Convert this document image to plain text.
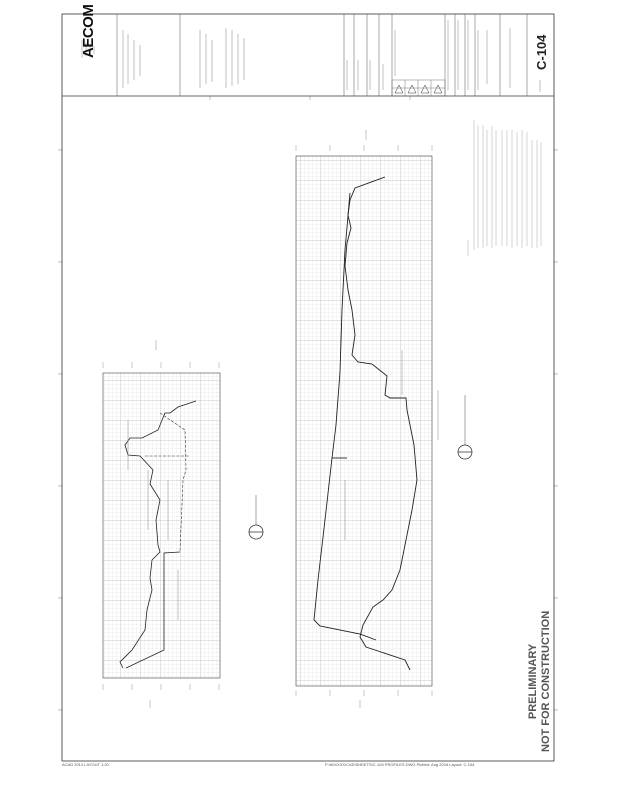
AECOM	C-104
PRELIMINARY NOT FOR CONSTRUCTION
ACAD 2014 LAYOUT 1:20	P:\60XXXX\CAD\SHEETS\C-104 PROFILES.DWG Plotted: Aug 2016 Layout: C-104
